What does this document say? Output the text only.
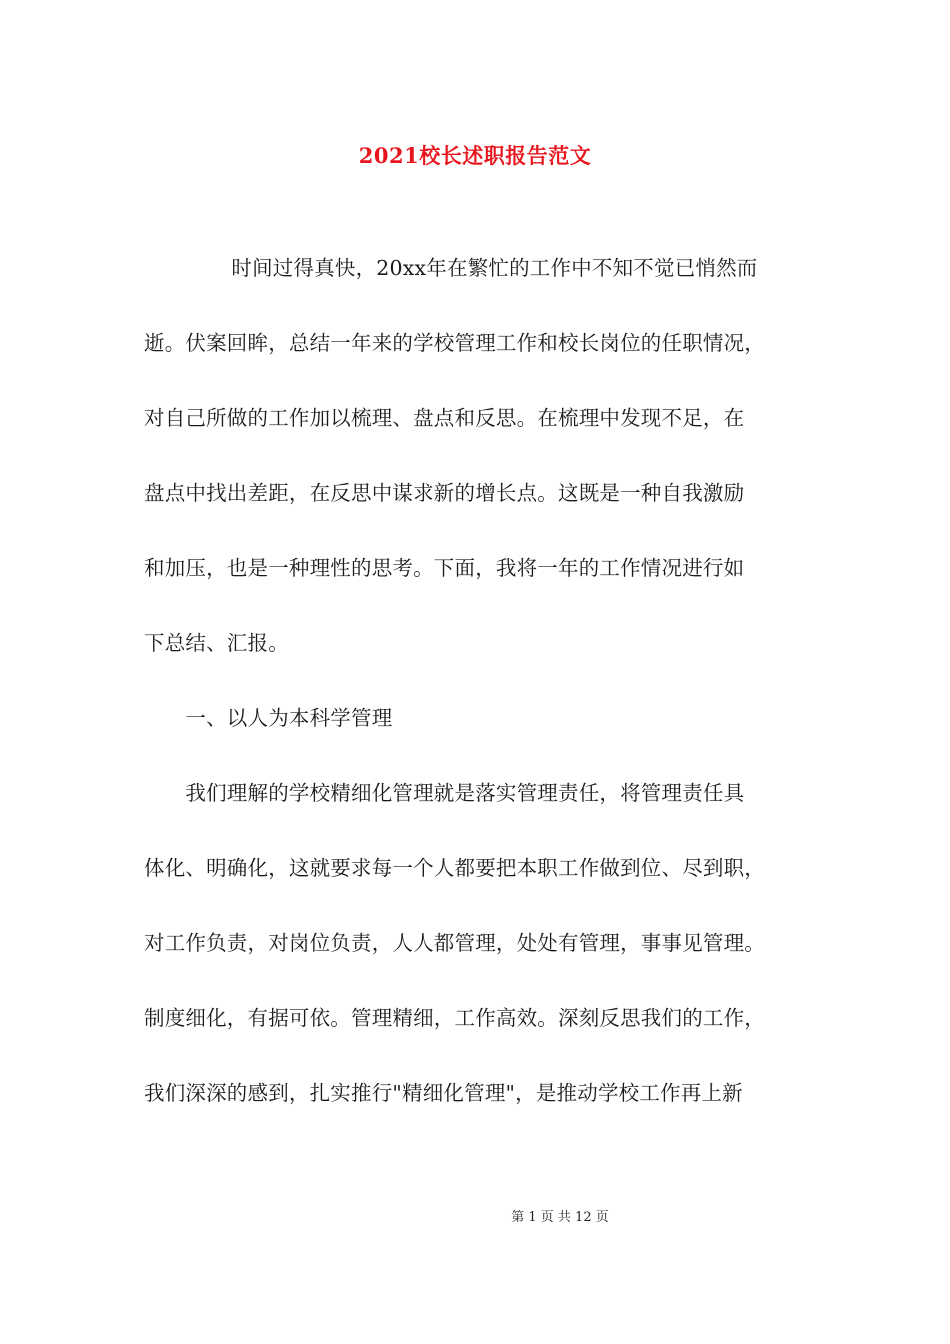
2021校长述职报告范文
　　时间过得真快，20xx年在繁忙的工作中不知不觉已悄然而
逝。伏案回眸，总结一年来的学校管理工作和校长岗位的任职情况，
对自己所做的工作加以梳理、盘点和反思。在梳理中发现不足，在
盘点中找出差距，在反思中谋求新的增长点。这既是一种自我激励
和加压，也是一种理性的思考。下面，我将一年的工作情况进行如
下总结、汇报。
　　一、以人为本科学管理
　　我们理解的学校精细化管理就是落实管理责任，将管理责任具
体化、明确化，这就要求每一个人都要把本职工作做到位、尽到职，
对工作负责，对岗位负责，人人都管理，处处有管理，事事见管理。
制度细化，有据可依。管理精细，工作高效。深刻反思我们的工作，
我们深深的感到，扎实推行"精细化管理"，是推动学校工作再上新
第 1 页 共 12 页
